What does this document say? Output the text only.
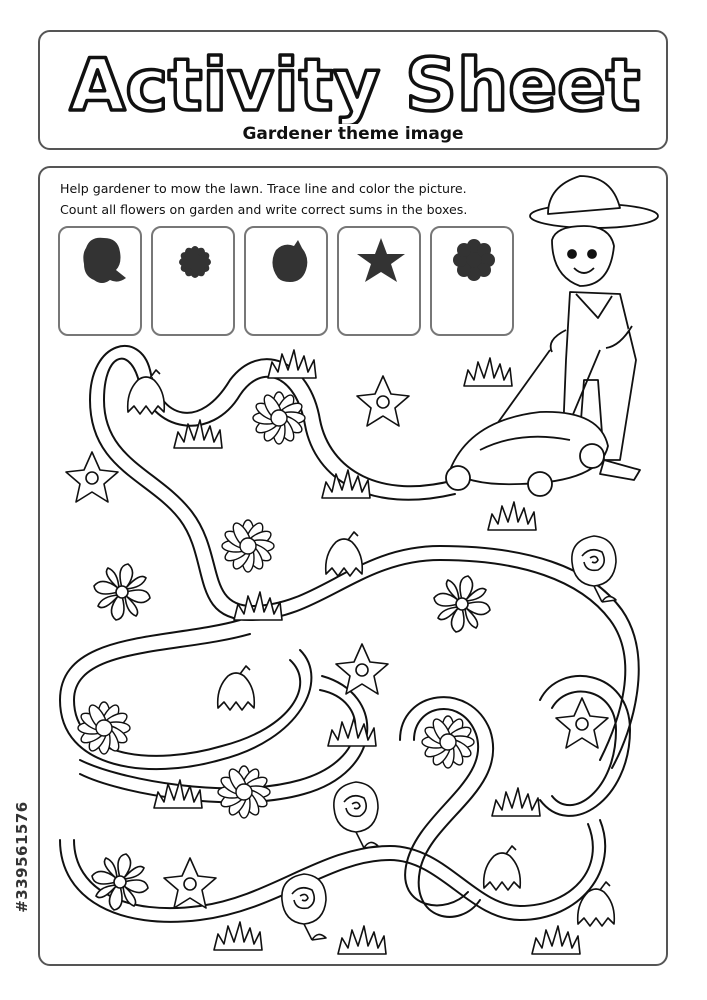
Activity Sheet
Gardener theme image
Help gardener to mow the lawn. Trace line and color the picture.
Count all flowers on garden and write correct sums in the boxes.
#339561576
